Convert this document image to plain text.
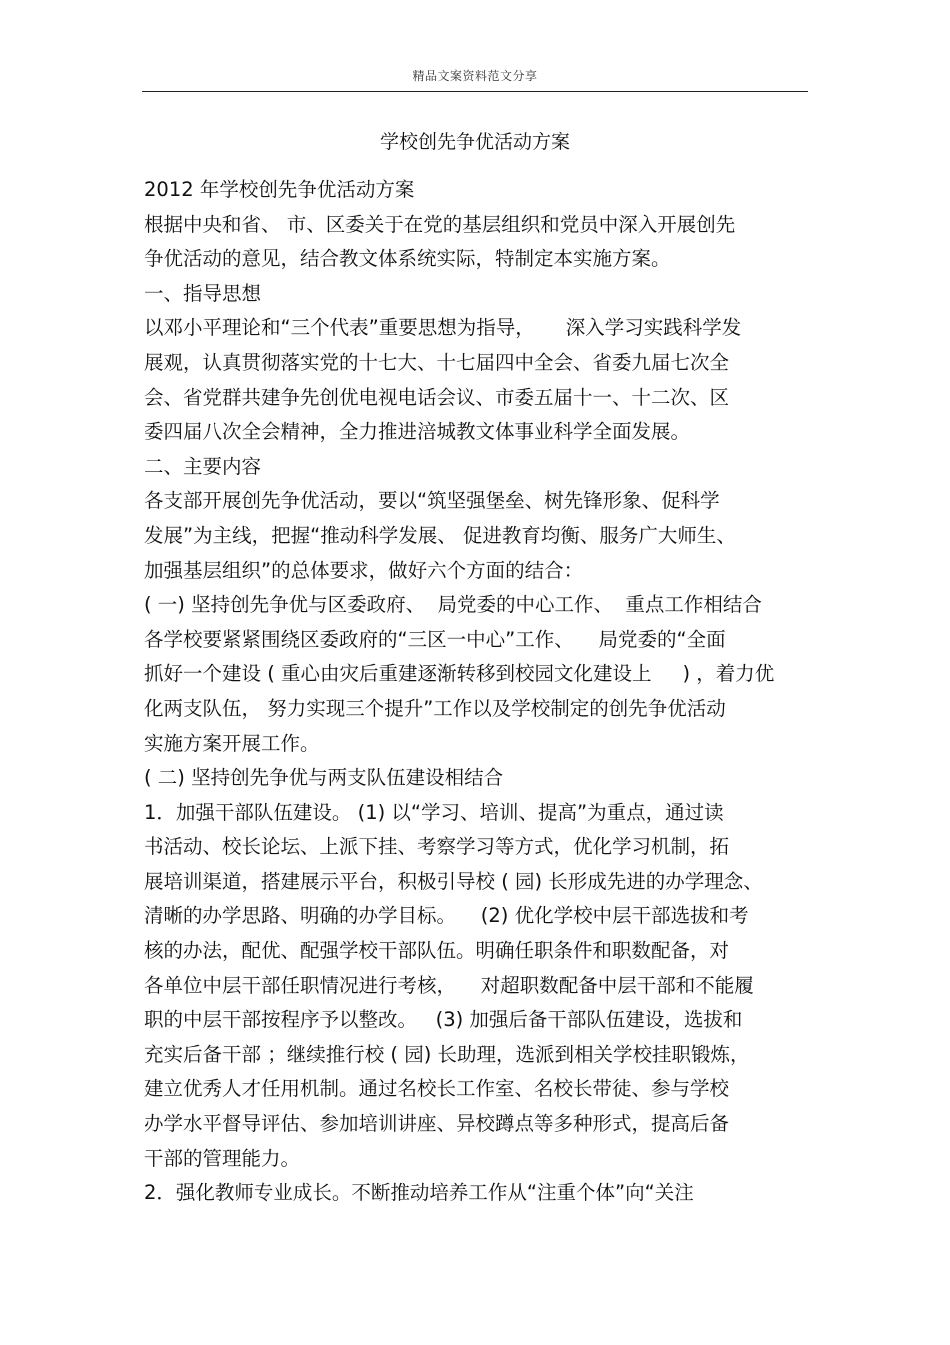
精品文案资料范文分享
学校创先争优活动方案
2012 年学校创先争优活动方案
根据中央和省、 市、区委关于在党的基层组织和党员中深入开展创先
争优活动的意见，结合教文体系统实际，特制定本实施方案。
一、指导思想
以邓小平理论和“三个代表”重要思想为指导，     深入学习实践科学发
展观，认真贯彻落实党的十七大、十七届四中全会、省委九届七次全
会、省党群共建争先创优电视电话会议、市委五届十一、十二次、区
委四届八次全会精神，全力推进涪城教文体事业科学全面发展。
二、主要内容
各支部开展创先争优活动，要以“筑坚强堡垒、树先锋形象、促科学
发展”为主线，把握“推动科学发展、 促进教育均衡、服务广大师生、
加强基层组织”的总体要求，做好六个方面的结合：
( 一) 坚持创先争优与区委政府、  局党委的中心工作、  重点工作相结合
各学校要紧紧围绕区委政府的“三区一中心”工作、    局党委的“全面
抓好一个建设 ( 重心由灾后重建逐渐转移到校园文化建设上     ) ，着力优
化两支队伍， 努力实现三个提升”工作以及学校制定的创先争优活动
实施方案开展工作。
( 二) 坚持创先争优与两支队伍建设相结合
1．加强干部队伍建设。 (1) 以“学习、培训、提高”为重点，通过读
书活动、校长论坛、上派下挂、考察学习等方式，优化学习机制，拓
展培训渠道，搭建展示平台，积极引导校 ( 园) 长形成先进的办学理念、
清晰的办学思路、明确的办学目标。    (2) 优化学校中层干部选拔和考
核的办法，配优、配强学校干部队伍。明确任职条件和职数配备，对
各单位中层干部任职情况进行考核，    对超职数配备中层干部和不能履
职的中层干部按程序予以整改。   (3) 加强后备干部队伍建设，选拔和
充实后备干部 ；继续推行校 ( 园) 长助理，选派到相关学校挂职锻炼，
建立优秀人才任用机制。通过名校长工作室、名校长带徒、参与学校
办学水平督导评估、参加培训讲座、异校蹲点等多种形式，提高后备
干部的管理能力。
2．强化教师专业成长。不断推动培养工作从“注重个体”向“关注
